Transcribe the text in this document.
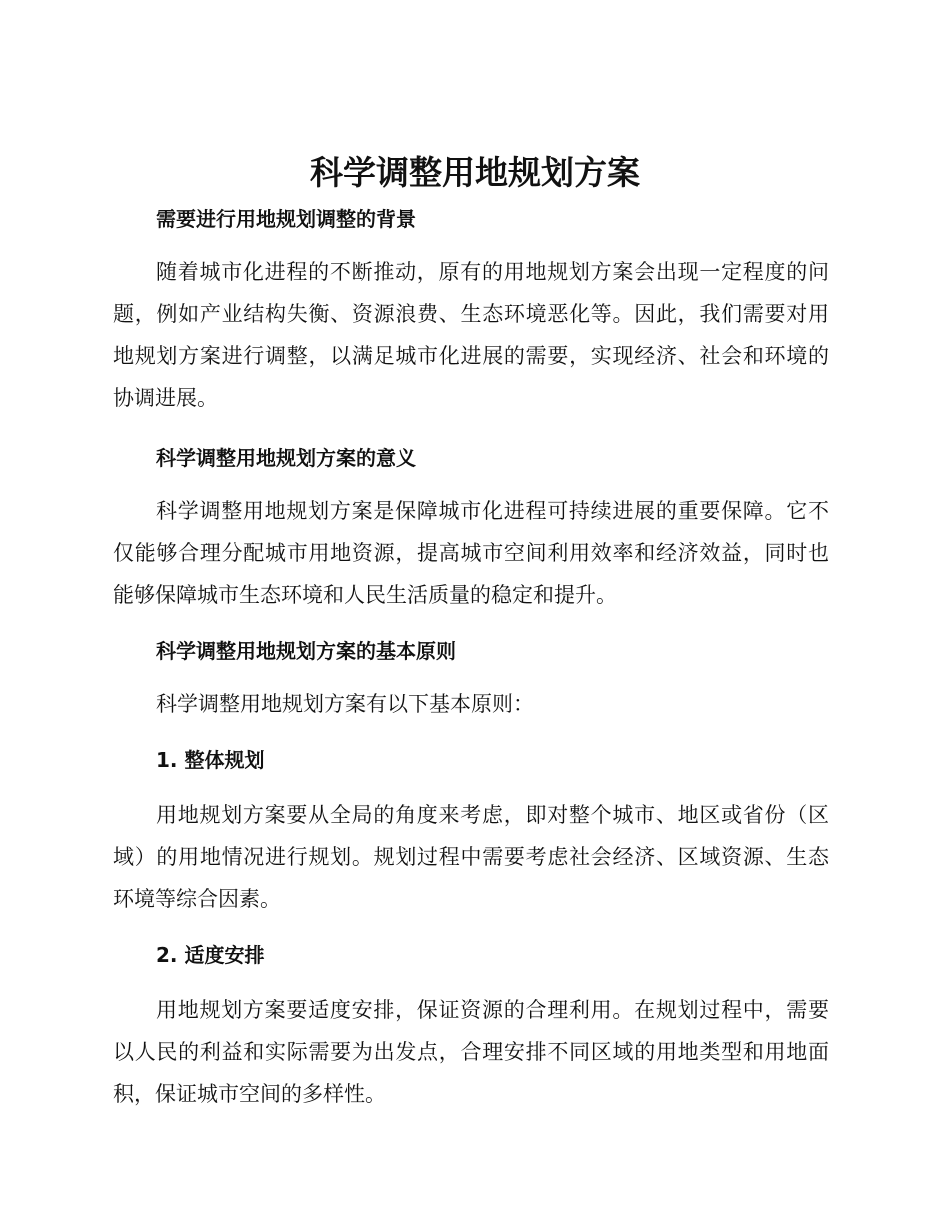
科学调整用地规划方案
需要进行用地规划调整的背景

随着城市化进程的不断推动，原有的用地规划方案会出现一定程度的问
题，例如产业结构失衡、资源浪费、生态环境恶化等。因此，我们需要对用
地规划方案进行调整，以满足城市化进展的需要，实现经济、社会和环境的
协调进展。

科学调整用地规划方案的意义

科学调整用地规划方案是保障城市化进程可持续进展的重要保障。它不
仅能够合理分配城市用地资源，提高城市空间利用效率和经济效益，同时也
能够保障城市生态环境和人民生活质量的稳定和提升。

科学调整用地规划方案的基本原则

科学调整用地规划方案有以下基本原则：

1. 整体规划

用地规划方案要从全局的角度来考虑，即对整个城市、地区或省份（区
域）的用地情况进行规划。规划过程中需要考虑社会经济、区域资源、生态
环境等综合因素。

2. 适度安排

用地规划方案要适度安排，保证资源的合理利用。在规划过程中，需要
以人民的利益和实际需要为出发点，合理安排不同区域的用地类型和用地面
积，保证城市空间的多样性。
